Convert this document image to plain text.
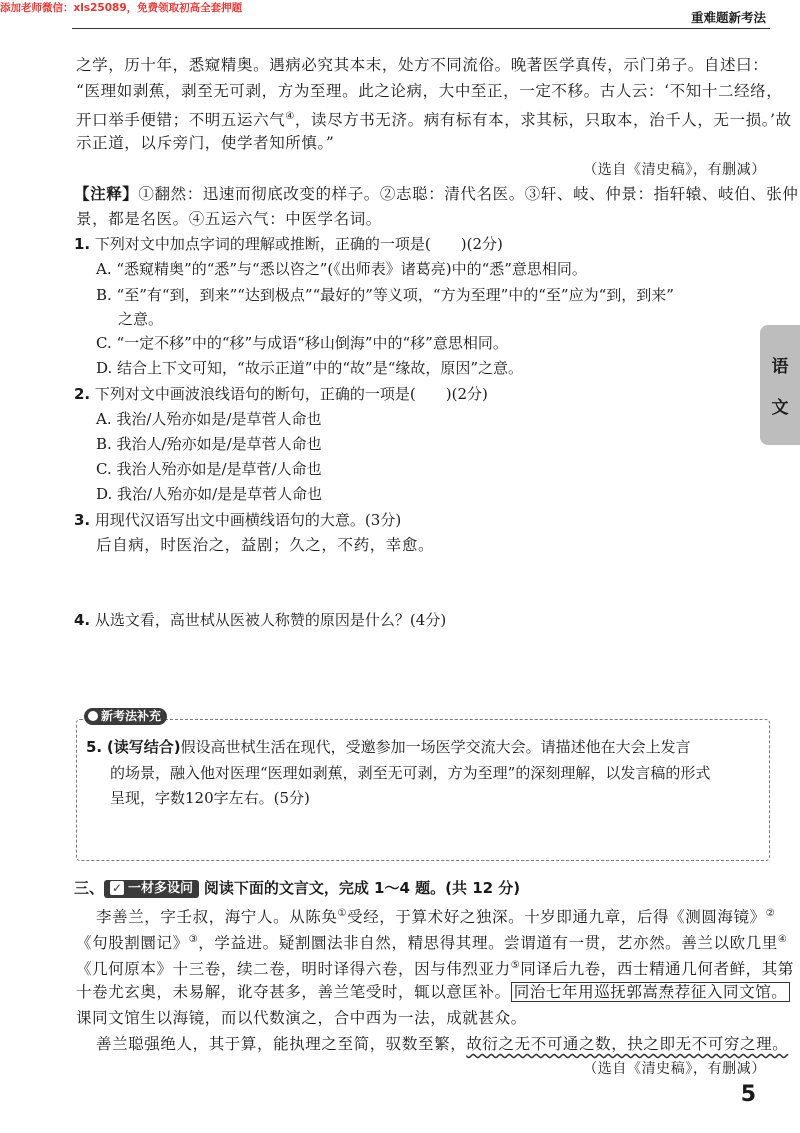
添加老师微信：xls25089，免费领取初高全套押题
重难题新考法
语
文
之学，历十年，悉窥精奥。遇病必究其本末，处方不同流俗。晚著医学真传，示门弟子。自述曰：
“医理如剥蕉，剥至无可剥，方为至理。此之论病，大中至正，一定不移。古人云：‘不知十二经络，
开口举手便错；不明五运六气④，读尽方书无济。病有标有本，求其标，只取本，治千人，无一损。’故
示正道，以斥旁门，使学者知所慎。”
（选自《清史稿》，有删减）
【注释】①翻然：迅速而彻底改变的样子。②志聪：清代名医。③轩、岐、仲景：指轩辕、岐伯、张仲
景，都是名医。④五运六气：中医学名词。
1. 下列对文中加点字词的理解或推断，正确的一项是(　　)(2分)
A. “悉窥精奥”的“悉”与“悉以咨之”(《出师表》诸葛亮)中的“悉”意思相同。
B. “至”有“到，到来”“达到极点”“最好的”等义项，“方为至理”中的“至”应为“到，到来”
之意。
C. “一定不移”中的“移”与成语“移山倒海”中的“移”意思相同。
D. 结合上下文可知，“故示正道”中的“故”是“缘故，原因”之意。
2. 下列对文中画波浪线语句的断句，正确的一项是(　　)(2分)
A. 我治/人殆亦如是/是草菅人命也
B. 我治人/殆亦如是/是草菅人命也
C. 我治人殆亦如是/是草菅/人命也
D. 我治/人殆亦如/是是草菅人命也
3. 用现代汉语写出文中画横线语句的大意。(3分)
后自病，时医治之，益剧；久之，不药，幸愈。
4. 从选文看，高世栻从医被人称赞的原因是什么？(4分)
新考法补充
5. (读写结合)假设高世栻生活在现代，受邀参加一场医学交流大会。请描述他在大会上发言
的场景，融入他对医理“医理如剥蕉，剥至无可剥，方为至理”的深刻理解，以发言稿的形式
呈现，字数120字左右。(5分)
三、 ✓ 一材多设问 阅读下面的文言文，完成 1～4 题。(共 12 分)
李善兰，字壬叔，海宁人。从陈奂①受经，于算术好之独深。十岁即通九章，后得《测圆海镜》②
《句股割圜记》③，学益进。疑割圜法非自然，精思得其理。尝谓道有一贯，艺亦然。善兰以欧几里④
《几何原本》十三卷，续二卷，明时译得六卷，因与伟烈亚力⑤同译后九卷，西士精通几何者鲜，其第
十卷尤玄奥，未易解，讹夺甚多，善兰笔受时，辄以意匡补。 同治七年用巡抚郭嵩焘荐征入同文馆。
课同文馆生以海镜，而以代数演之，合中西为一法，成就甚众。
善兰聪强绝人，其于算，能执理之至简，驭数至繁，故衍之无不可通之数，抉之即无不可穷之理。
（选自《清史稿》，有删减）
5
